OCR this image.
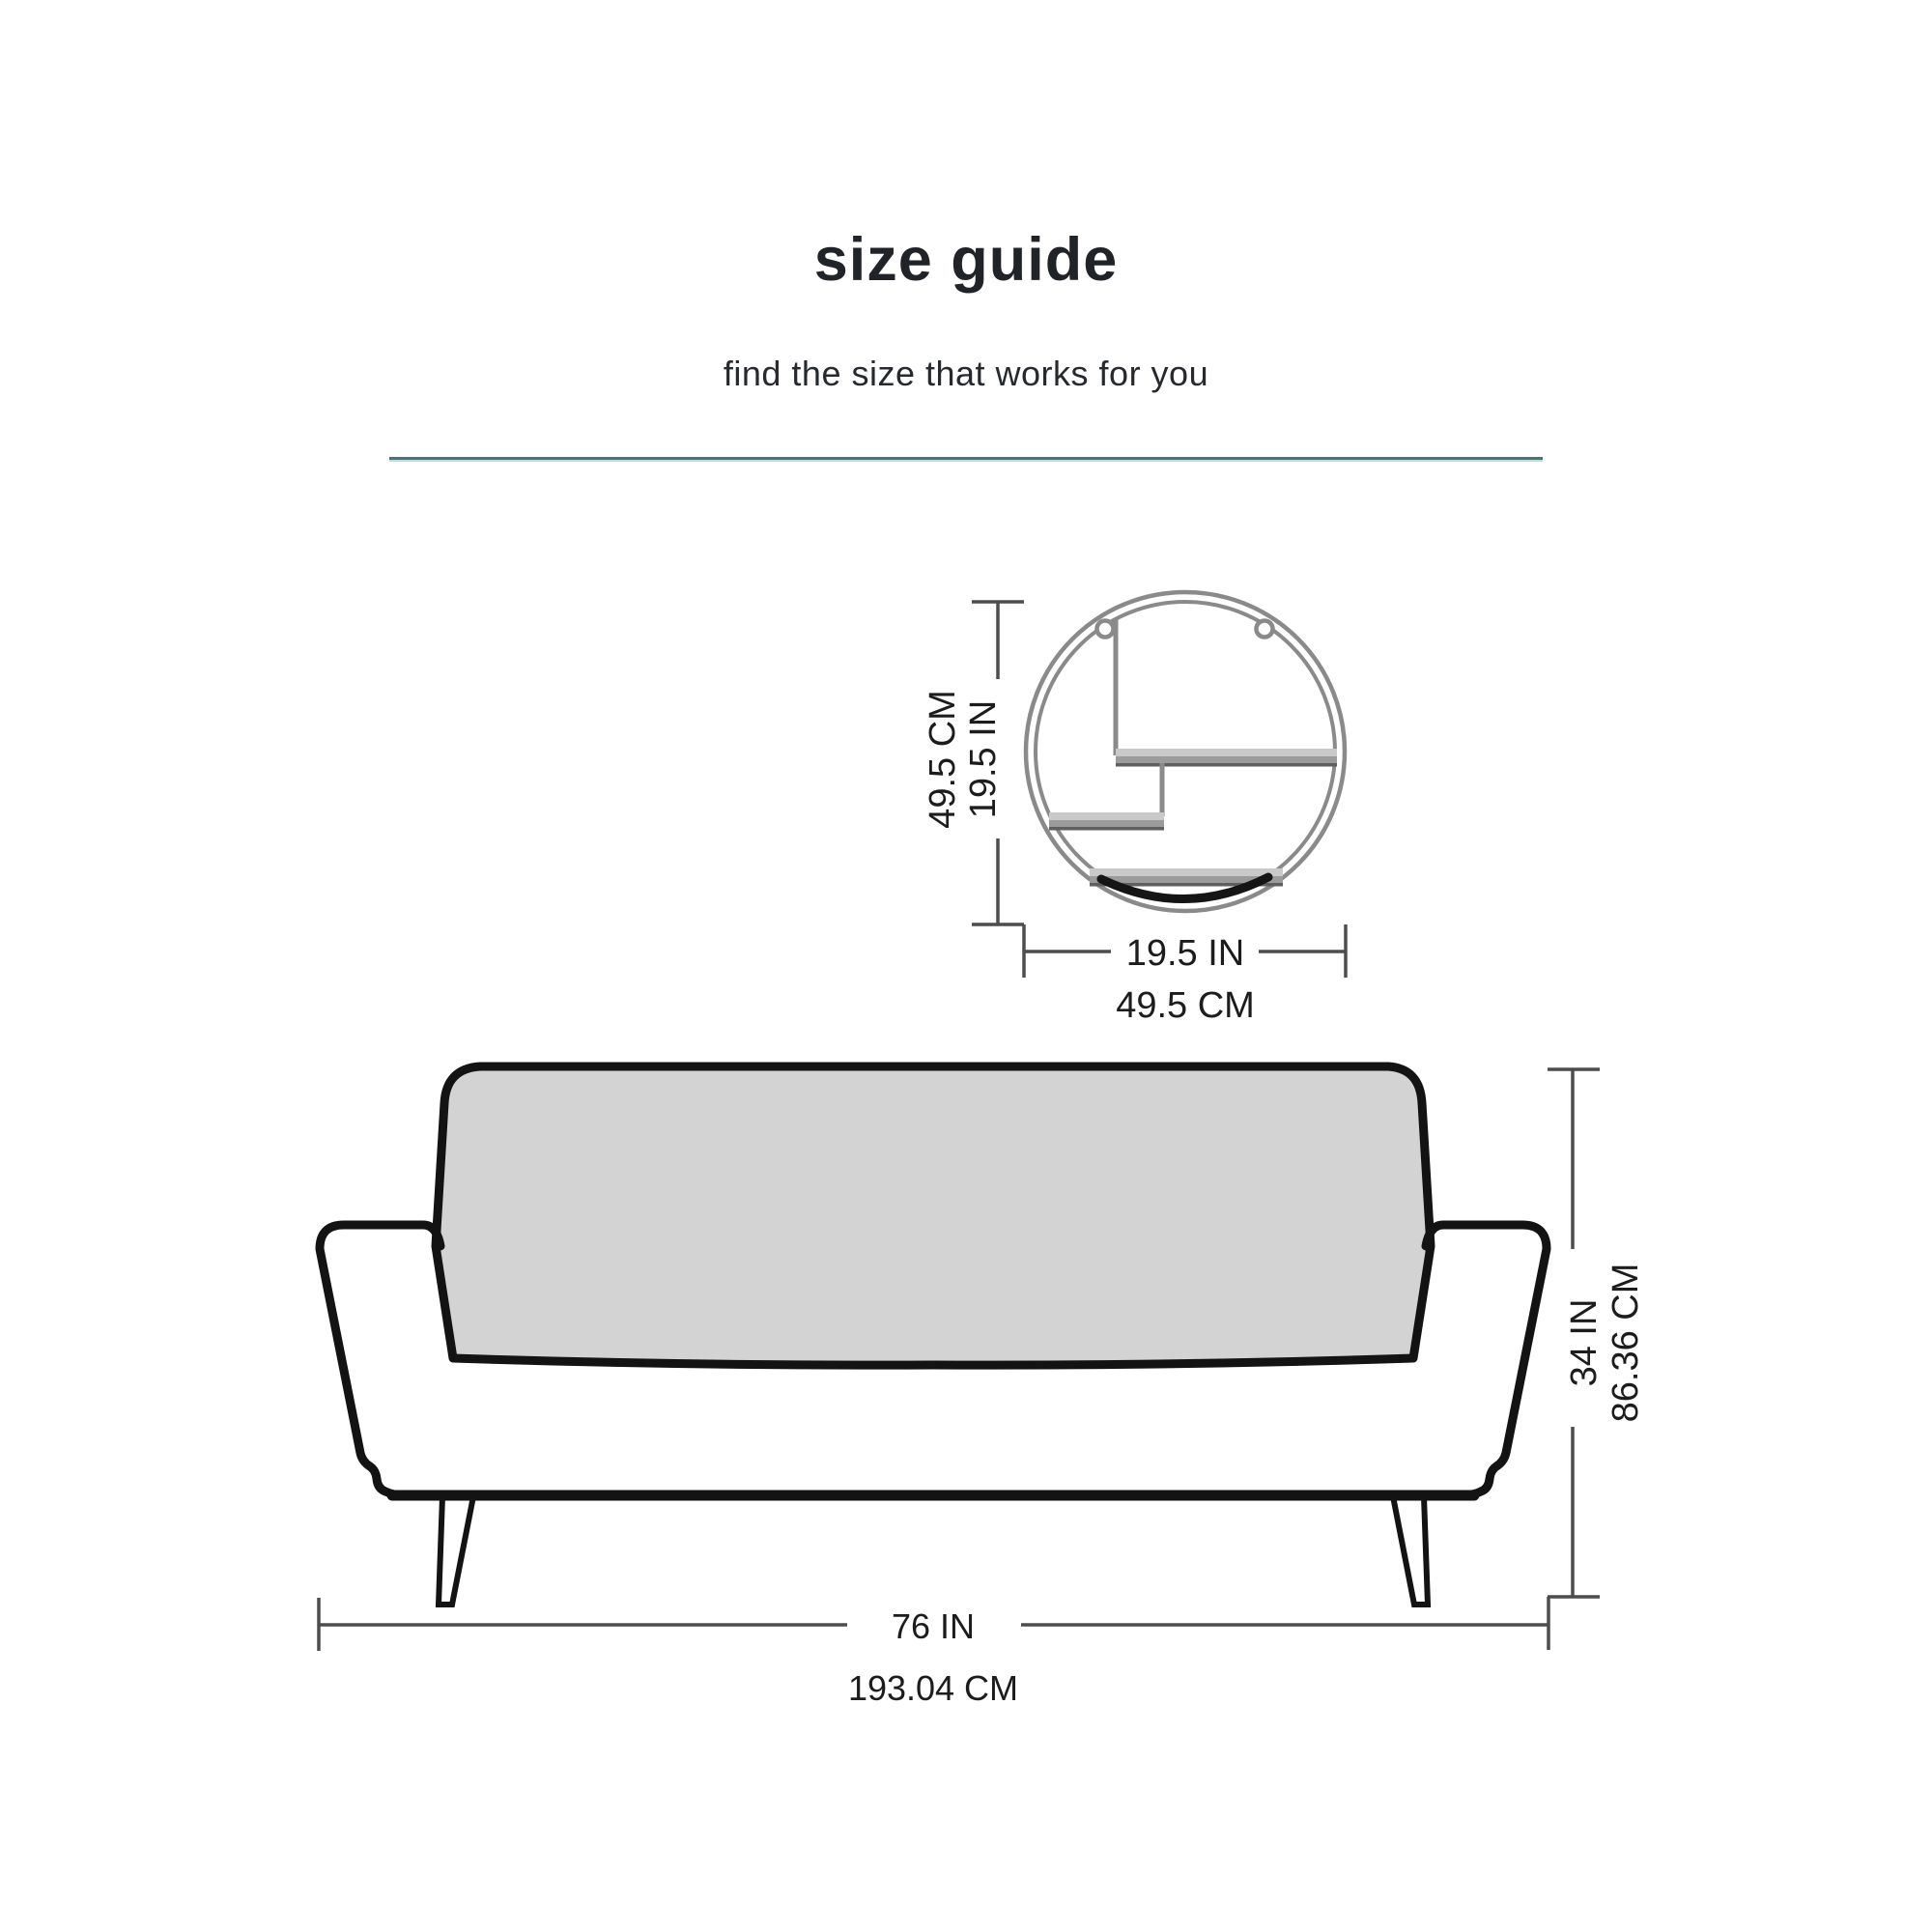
size guide
find the size that works for you
19.5 IN
49.5 CM
19.5 IN
49.5 CM
34 IN 86.36 CM
76 IN
193.04 CM
